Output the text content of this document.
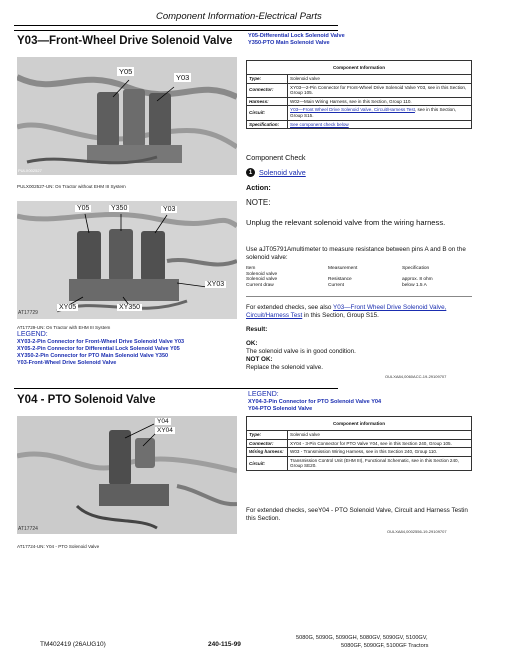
Component Information-Electrical Parts
Y03—Front-Wheel Drive Solenoid Valve	Y05-Differential Lock Solenoid Valve
Y350-PTO Main Solenoid Valve
Y05
Y03
PULX002527
PULX002527-UN: On Tractor without EHM III System
Y05	Y350	Y03
XY03
XY05	XY350
AT17729
AT17729-UN: On Tractor with EHM III System
LEGEND:
XY03-2-Pin Connector for Front-Wheel Drive Solenoid Valve Y03
XY05-2-Pin Connector for Differential Lock Solenoid Valve Y05
XY350-2-Pin Connector for PTO Main Solenoid Valve Y350
Y03-Front-Wheel Drive Solenoid Valve
Component Information	
Type:	Solenoid valve
Connector:	XY03—2-Pin Connector for Front-Wheel Drive Solenoid Valve Y03, see in this Section, Group 105.
Harness:	W02—Main Wiring Harness, see in this Section, Group 110.
Circuit:	Y03—Front Wheel Drive Solenoid Valve, Circuit/Harness Test, see in this Section, Group S15.
Specification:	See component check below
Component Check
1 Solenoid valve
Action:
NOTE:
Unplug the relevant solenoid valve from the wiring harness.
Use aJT05791Amultimeter to measure resistance between pins A and B on the solenoid valve:
Item	Measurement	Specification
Solenoid valve
Solenoid valve	Resistance	approx. 8 ohm
Current draw	Current	below 1.5 A
For extended checks, see also Y03—Front Wheel Drive Solenoid Valve, Circuit/Harness Test in this Section, Group S15.
Result:
OK:
The solenoid valve is in good condition.
NOT OK:
Replace the solenoid valve.
OULXA84,0060ACC-19-29109707
Y04 - PTO Solenoid Valve	LEGEND:
XY04-3-Pin Connector for PTO Solenoid Valve Y04
Y04-PTO Solenoid Valve
Y04
XY04
AT17724
AT17724-UN: Y04 - PTO Solenoid Valve
Component information	
Type:	Solenoid valve
Connector:	XY04 - 3-Pin Connector for PTO Valve Y04, see in this Section 240, Group 105.
Wiring harness:	W03 - Transmission Wiring Harness, see in this Section 240, Group 110.
Circuit:	Transmission Control Unit (EHM III), Functional Schematic, see in this Section 240, Group SE20.
For extended checks, seeY04 - PTO Solenoid Valve, Circuit and Harness Testin this Section.
OULXA84,0002556-19-29109707
TM402419 (26AUG10)	240-115-99
5080G, 5090G, 5090GH, 5080GV, 5090GV, 5100GV,
5080GF, 5090GF, 5100GF Tractors
